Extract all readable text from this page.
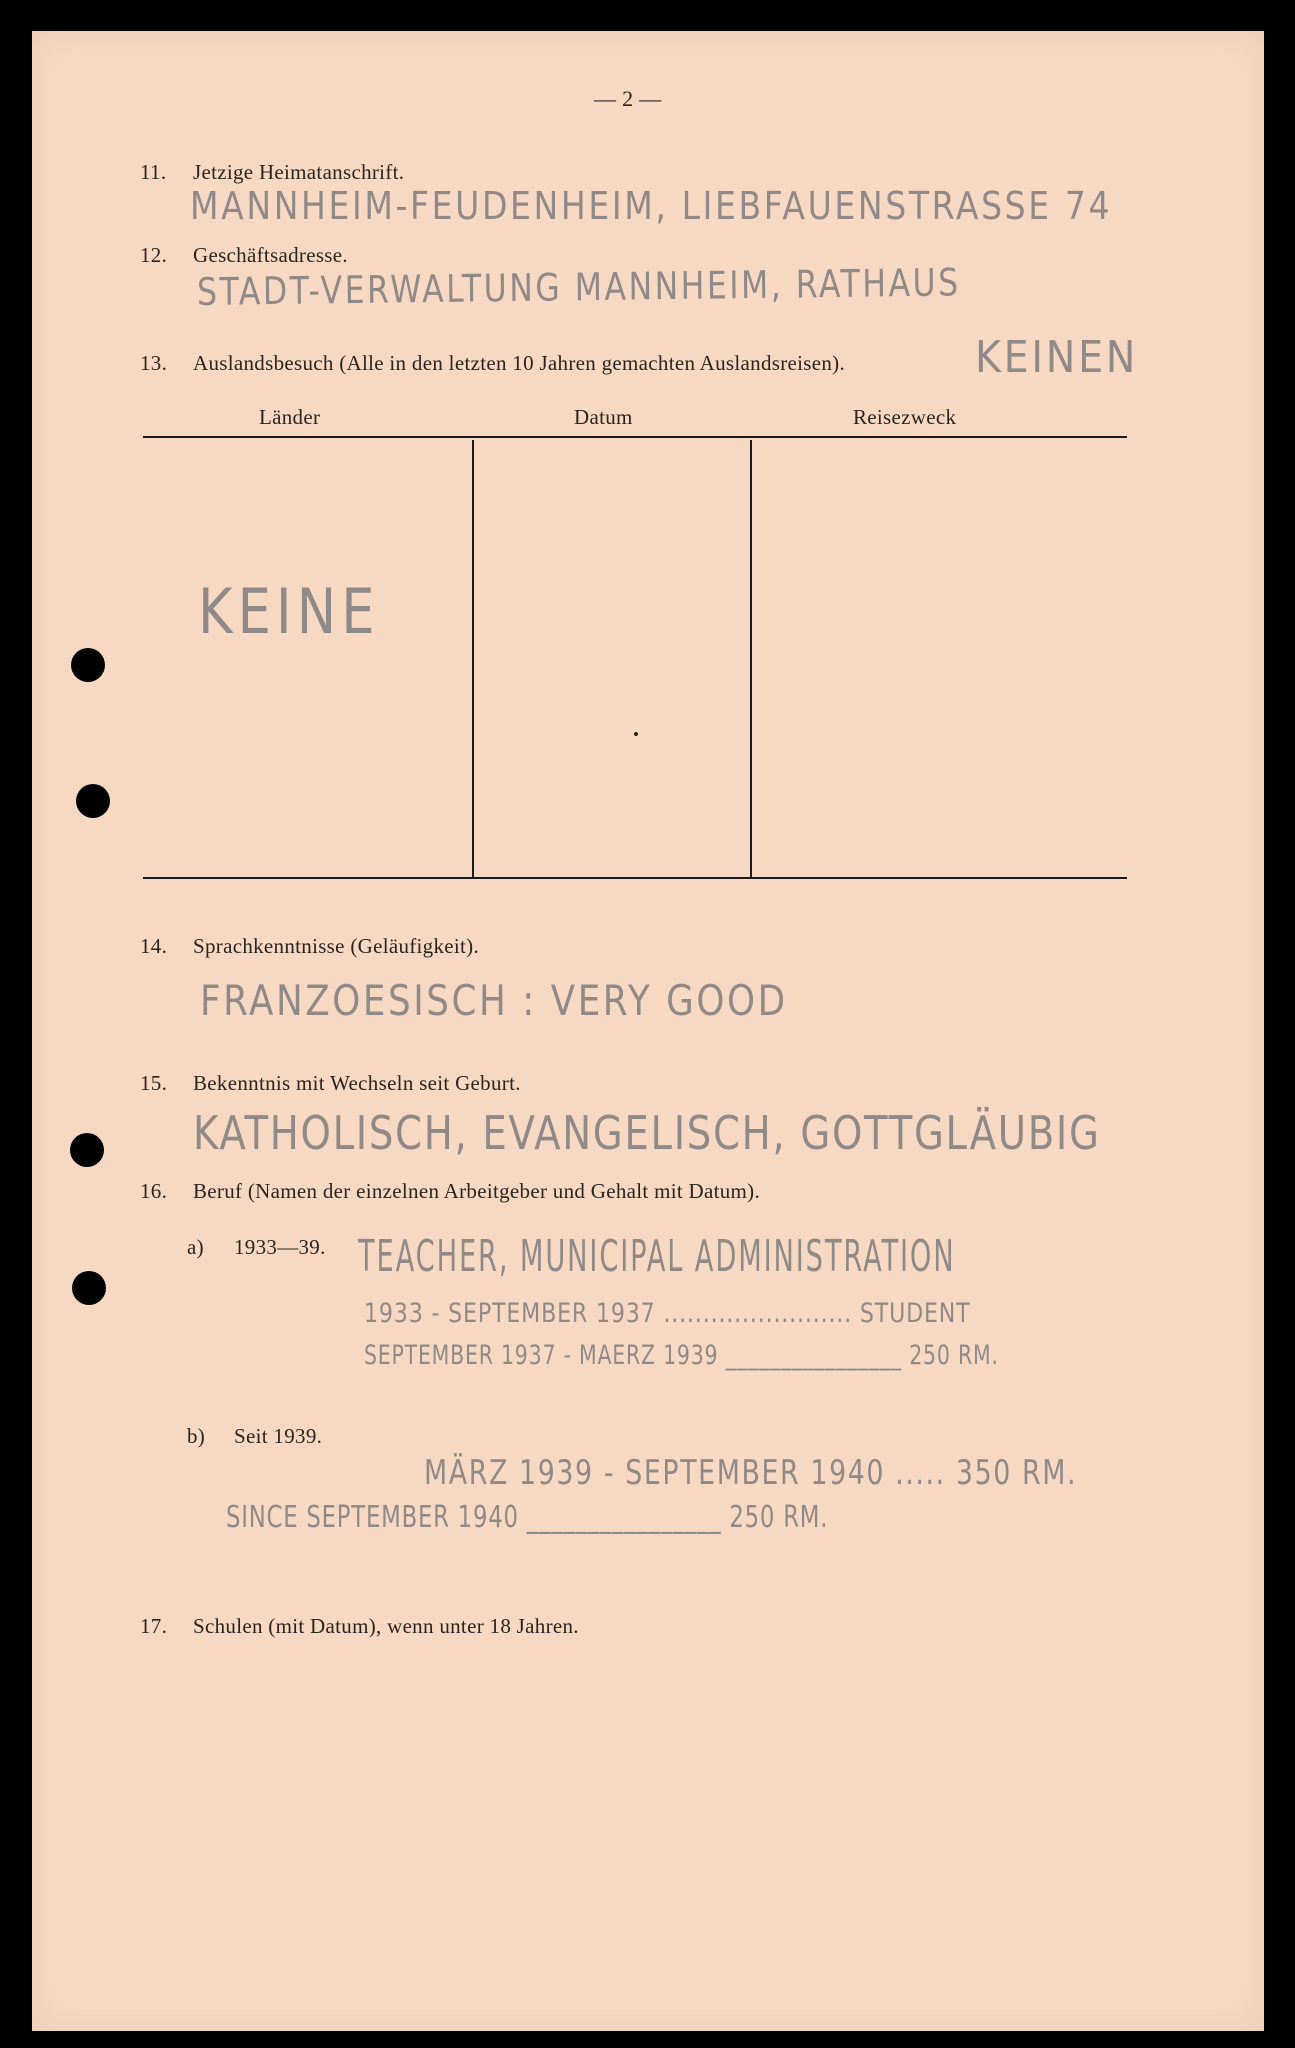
— 2 —
11. Jetzige Heimatanschrift.
MANNHEIM-FEUDENHEIM, LIEBFAUENSTRASSE 74
12. Geschäftsadresse.
STADT-VERWALTUNG MANNHEIM, RATHAUS
13. Auslandsbesuch (Alle in den letzten 10 Jahren gemachten Auslandsreisen).	KEINEN
Länder	Datum	Reisezweck
KEINE
14. Sprachkenntnisse (Geläufigkeit).
FRANZOESISCH : VERY GOOD
15. Bekenntnis mit Wechseln seit Geburt.
KATHOLISCH, EVANGELISCH, GOTTGLÄUBIG
16. Beruf (Namen der einzelnen Arbeitgeber und Gehalt mit Datum).
a) 1933—39. TEACHER, MUNICIPAL ADMINISTRATION
1933 - SEPTEMBER 1937 ........................ STUDENT
SEPTEMBER 1937 - MAERZ 1939 ________________ 250 RM.
b) Seit 1939.
MÄRZ 1939 - SEPTEMBER 1940 ..... 350 RM.
SINCE SEPTEMBER 1940 ________________ 250 RM.
17. Schulen (mit Datum), wenn unter 18 Jahren.
